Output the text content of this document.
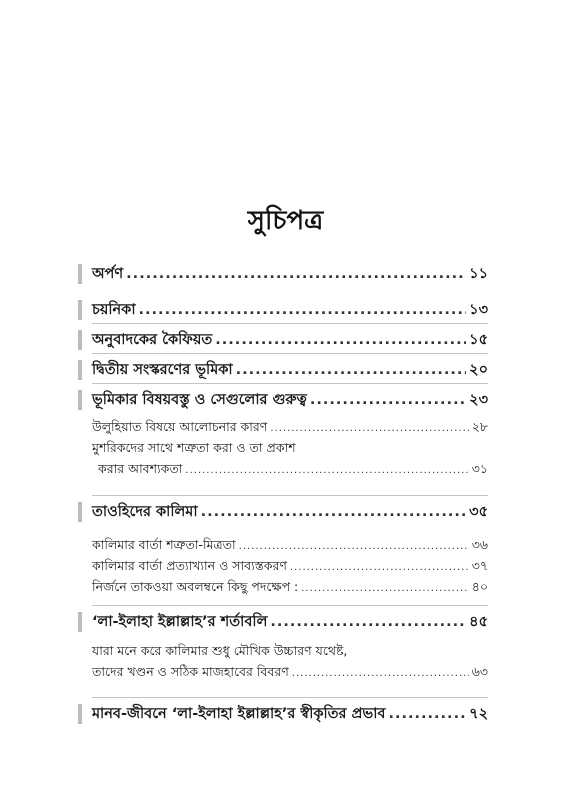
সুচিপত্র
অর্পণ .....	১১
চয়নিকা .....	১৩
অনুবাদকের কৈফিয়ত .....	১৫
দ্বিতীয় সংস্করণের ভূমিকা .....	২০
ভূমিকার বিষয়বস্তু ও সেগুলোর গুরুত্ব .....	২৩
উলুহিয়াত বিষয়ে আলোচনার কারণ .....	২৮
মুশরিকদের সাথে শত্রুতা করা ও তা প্রকাশ
করার আবশ্যকতা .....	৩১
তাওহিদের কালিমা .....	৩৫
কালিমার বার্তা শত্রুতা-মিত্রতা .....	৩৬
কালিমার বার্তা প্রত্যাখ্যান ও সাব্যস্তকরণ .....	৩৭
নির্জনে তাকওয়া অবলম্বনে কিছু পদক্ষেপ : .....	৪০
‘লা-ইলাহা ইল্লাল্লাহ’র শর্তাবলি .....	৪৫
যারা মনে করে কালিমার শুধু মৌখিক উচ্চারণ যথেষ্ট,
তাদের খণ্ডন ও সঠিক মাজহাবের বিবরণ .....	৬৩
মানব-জীবনে ‘লা-ইলাহা ইল্লাল্লাহ’র স্বীকৃতির প্রভাব .....	৭২
